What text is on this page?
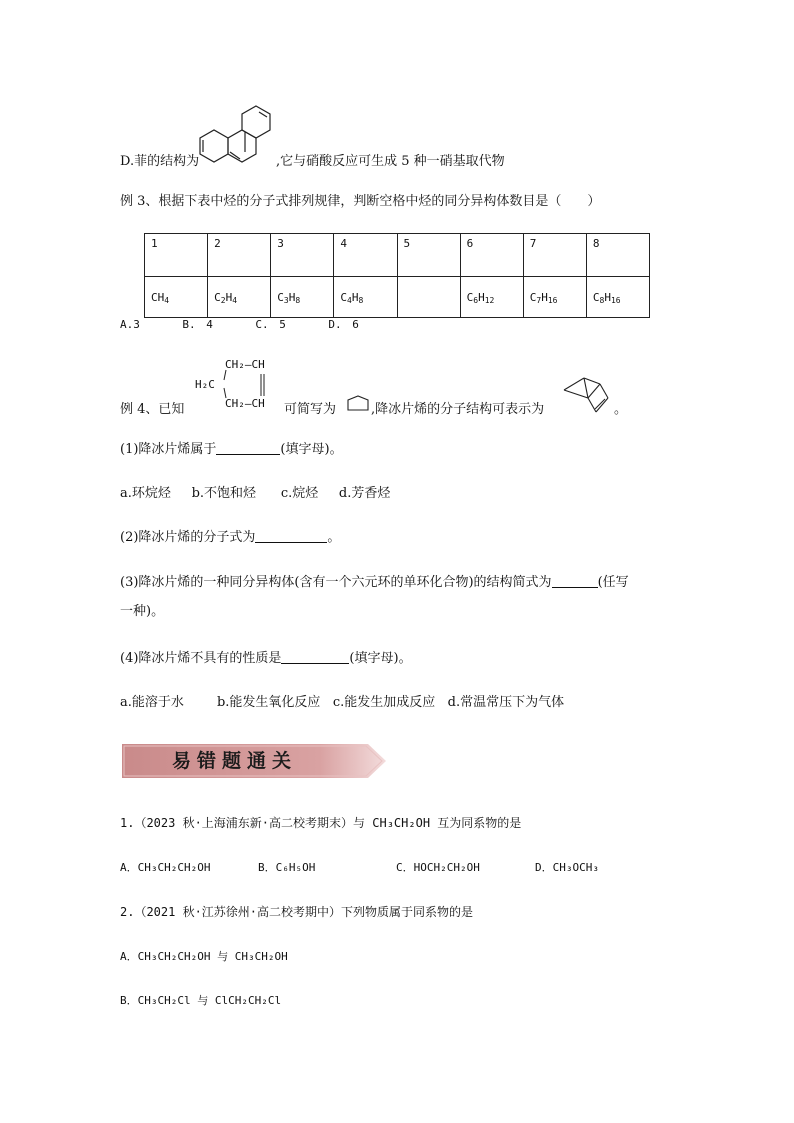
D.菲的结构为	,它与硝酸反应可生成 5 种一硝基取代物
例 3、根据下表中烃的分子式排列规律，判断空格中烃的同分异构体数目是（　　）
1	2	3	4	5	6	7	8
$CH_4$	$C_2H_4$	$C_3H_8$	$C_4H_8$		$C_6H_{12}$	$C_7H_{16}$	$C_8H_{16}$
A.3	B. 4	C. 5	D. 6
例 4、已知
CH₂—CH
H₂C
CH₂—CH 可简写为	,降冰片烯的分子结构可表示为	。
(1)降冰片烯属于	(填字母)。
a.环烷烃 b.不饱和烃 c.烷烃 d.芳香烃
(2)降冰片烯的分子式为	。
(3)降冰片烯的一种同分异构体(含有一个六元环的单环化合物)的结构简式为	(任写
一种)。
(4)降冰片烯不具有的性质是	(填字母)。
a.能溶于水	b.能发生氧化反应 c.能发生加成反应 d.常温常压下为气体
易错题通关
1.（2023 秋·上海浦东新·高二校考期末）与 CH₃CH₂OH 互为同系物的是
A．CH₃CH₂CH₂OH	B．C₆H₅OH	C．HOCH₂CH₂OH	D．CH₃OCH₃
2.（2021 秋·江苏徐州·高二校考期中）下列物质属于同系物的是
A．CH₃CH₂CH₂OH 与 CH₃CH₂OH
B．CH₃CH₂Cl 与 ClCH₂CH₂Cl
